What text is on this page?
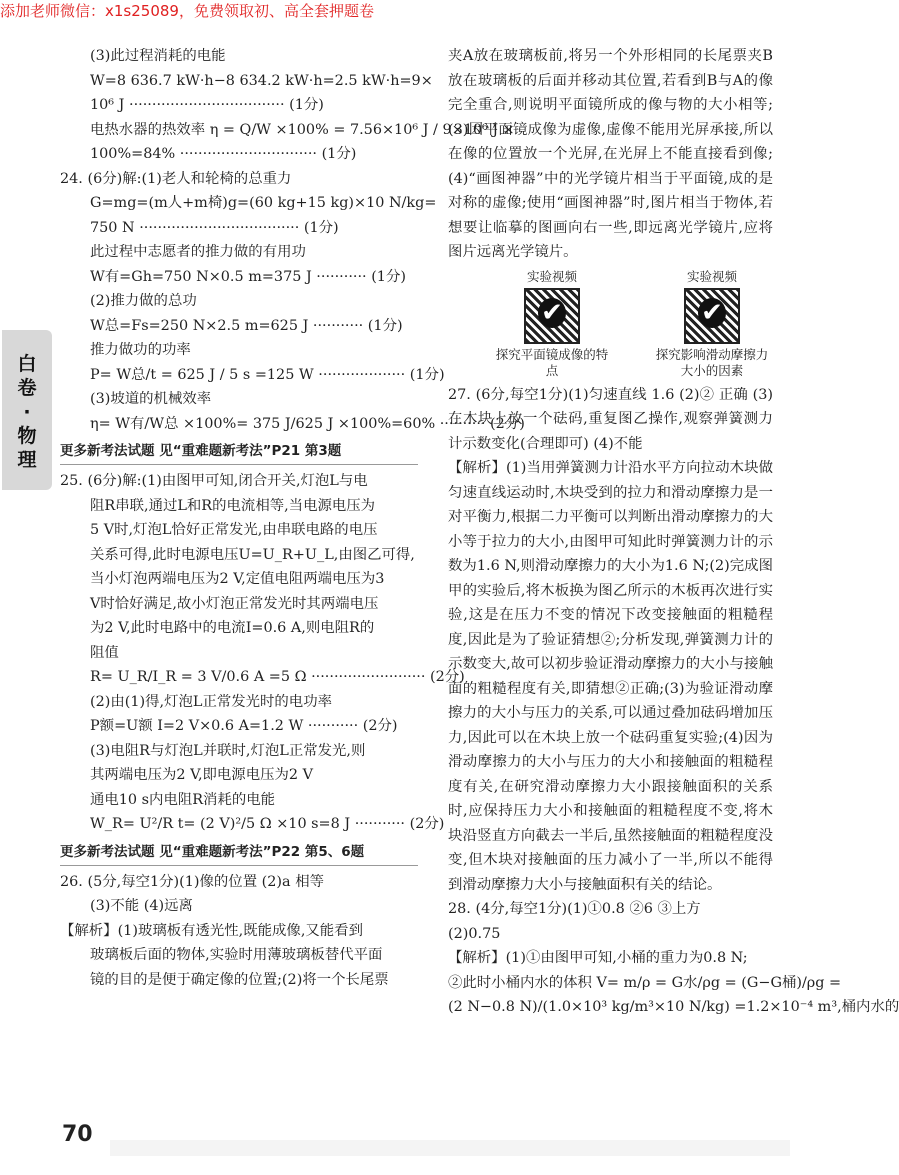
添加老师微信：x1s25089，免费领取初、高全套押题卷
白卷·物理

(3)此过程消耗的电能

W=8 636.7 kW·h−8 634.2 kW·h=2.5 kW·h=9×

10⁶ J ·································· (1分)

电热水器的热效率 η = Q/W ×100% = 7.56×10⁶ J / 9×10⁶ J ×

100%=84% ······························ (1分)

24. (6分)解:(1)老人和轮椅的总重力

G=mg=(m人+m椅)g=(60 kg+15 kg)×10 N/kg=

750 N ··································· (1分)

此过程中志愿者的推力做的有用功

W有=Gh=750 N×0.5 m=375 J ··········· (1分)

(2)推力做的总功

W总=Fs=250 N×2.5 m=625 J ··········· (1分)

推力做功的功率

P= W总/t = 625 J / 5 s =125 W ··················· (1分)

(3)坡道的机械效率

η= W有/W总 ×100%= 375 J/625 J ×100%=60% ·········· (2分)

更多新考法试题 见“重难题新考法”P21 第3题

25. (6分)解:(1)由图甲可知,闭合开关,灯泡L与电

阻R串联,通过L和R的电流相等,当电源电压为

5 V时,灯泡L恰好正常发光,由串联电路的电压

关系可得,此时电源电压U=U_R+U_L,由图乙可得,

当小灯泡两端电压为2 V,定值电阻两端电压为3

V时恰好满足,故小灯泡正常发光时其两端电压

为2 V,此时电路中的电流I=0.6 A,则电阻R的

阻值

R= U_R/I_R = 3 V/0.6 A =5 Ω ························· (2分)

(2)由(1)得,灯泡L正常发光时的电功率

P额=U额 I=2 V×0.6 A=1.2 W ··········· (2分)

(3)电阻R与灯泡L并联时,灯泡L正常发光,则

其两端电压为2 V,即电源电压为2 V

通电10 s内电阻R消耗的电能

W_R= U²/R t= (2 V)²/5 Ω ×10 s=8 J ··········· (2分)

更多新考法试题 见“重难题新考法”P22 第5、6题

26. (5分,每空1分)(1)像的位置 (2)a 相等

(3)不能 (4)远离

【解析】(1)玻璃板有透光性,既能成像,又能看到

玻璃板后面的物体,实验时用薄玻璃板替代平面

镜的目的是便于确定像的位置;(2)将一个长尾票

夹A放在玻璃板前,将另一个外形相同的长尾票夹B放在玻璃板的后面并移动其位置,若看到B与A的像完全重合,则说明平面镜所成的像与物的大小相等;(3)因平面镜成像为虚像,虚像不能用光屏承接,所以在像的位置放一个光屏,在光屏上不能直接看到像;(4)“画图神器”中的光学镜片相当于平面镜,成的是对称的虚像;使用“画图神器”时,图片相当于物体,若想要让临摹的图画向右一些,即远离光学镜片,应将图片远离光学镜片。

实验视频
✔
探究平面镜成像的特点
实验视频
✔
探究影响滑动摩擦力大小的因素

27. (6分,每空1分)(1)匀速直线 1.6 (2)② 正确 (3)在木块上放一个砝码,重复图乙操作,观察弹簧测力计示数变化(合理即可) (4)不能

【解析】(1)当用弹簧测力计沿水平方向拉动木块做匀速直线运动时,木块受到的拉力和滑动摩擦力是一对平衡力,根据二力平衡可以判断出滑动摩擦力的大小等于拉力的大小,由图甲可知此时弹簧测力计的示数为1.6 N,则滑动摩擦力的大小为1.6 N;(2)完成图甲的实验后,将木板换为图乙所示的木板再次进行实验,这是在压力不变的情况下改变接触面的粗糙程度,因此是为了验证猜想②;分析发现,弹簧测力计的示数变大,故可以初步验证滑动摩擦力的大小与接触面的粗糙程度有关,即猜想②正确;(3)为验证滑动摩擦力的大小与压力的关系,可以通过叠加砝码增加压力,因此可以在木块上放一个砝码重复实验;(4)因为滑动摩擦力的大小与压力的大小和接触面的粗糙程度有关,在研究滑动摩擦力大小跟接触面积的关系时,应保持压力大小和接触面的粗糙程度不变,将木块沿竖直方向截去一半后,虽然接触面的粗糙程度没变,但木块对接触面的压力减小了一半,所以不能得到滑动摩擦力大小与接触面积有关的结论。

28. (4分,每空1分)(1)①0.8 ②6 ③上方

(2)0.75

【解析】(1)①由图甲可知,小桶的重力为0.8 N;

②此时小桶内水的体积 V= m/ρ = G水/ρg = (G−G桶)/ρg =

(2 N−0.8 N)/(1.0×10³ kg/m³×10 N/kg) =1.2×10⁻⁴ m³,桶内水的

70
